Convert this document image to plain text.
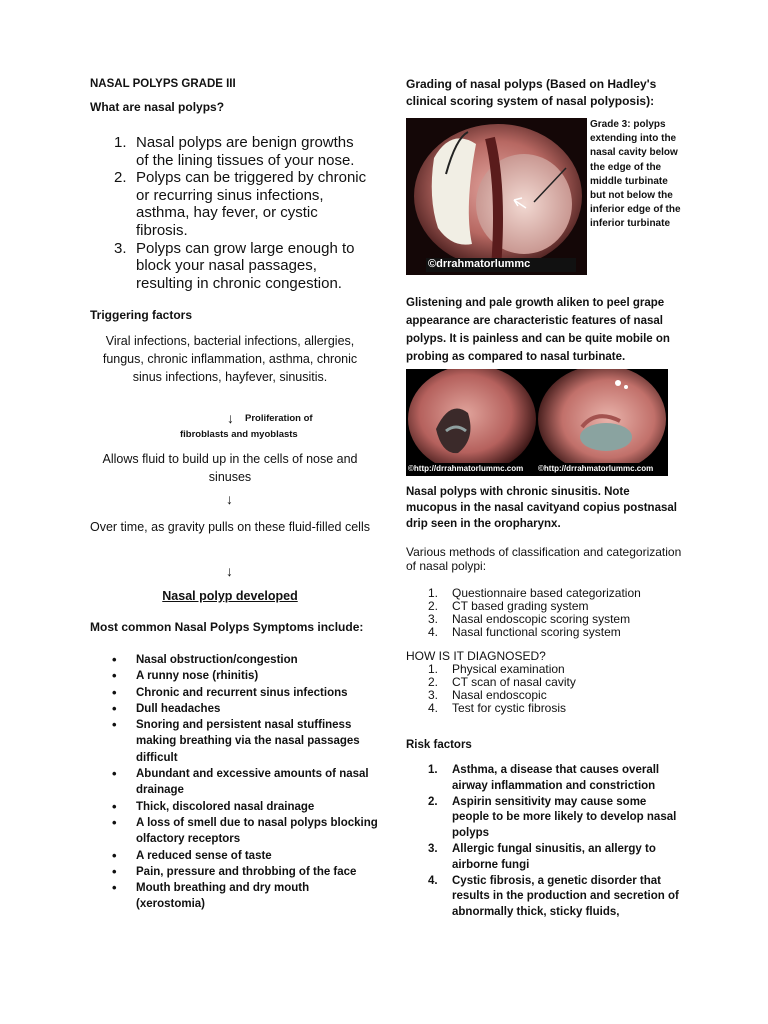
NASAL POLYPS GRADE III
What are nasal polyps?
1. Nasal polyps are benign growths of the lining tissues of your nose.
2. Polyps can be triggered by chronic or recurring sinus infections, asthma, hay fever, or cystic fibrosis.
3. Polyps can grow large enough to block your nasal passages, resulting in chronic congestion.
Triggering factors
Viral infections, bacterial infections, allergies, fungus, chronic inflammation, asthma, chronic sinus infections, hayfever, sinusitis.
↓ Proliferation of
fibroblasts and myoblasts
Allows fluid to build up in the cells of nose and sinuses
↓
Over time, as gravity pulls on these fluid-filled cells
↓
Nasal polyp developed
Most common Nasal Polyps Symptoms include:
• Nasal obstruction/congestion
• A runny nose (rhinitis)
• Chronic and recurrent sinus infections
• Dull headaches
• Snoring and persistent nasal stuffiness making breathing via the nasal passages difficult
• Abundant and excessive amounts of nasal drainage
• Thick, discolored nasal drainage
• A loss of smell due to nasal polyps blocking olfactory receptors
• A reduced sense of taste
• Pain, pressure and throbbing of the face
• Mouth breathing and dry mouth (xerostomia)
Grading of nasal polyps (Based on Hadley's clinical scoring system of nasal polyposis):
©drrahmatorlummc
Grade 3: polyps extending into the nasal cavity below the edge of the middle turbinate but not below the inferior edge of the inferior turbinate
Glistening and pale growth aliken to peel grape appearance are characteristic features of nasal polyps. It is painless and can be quite mobile on probing as compared to nasal turbinate.
©http://drrahmatorlummc.com ©http://drrahmatorlummc.com
Nasal polyps with chronic sinusitis. Note mucopus in the nasal cavityand copius postnasal drip seen in the oropharynx.
Various methods of classification and categorization of nasal polypi:
1. Questionnaire based categorization
2. CT based grading system
3. Nasal endoscopic scoring system
4. Nasal functional scoring system
HOW IS IT DIAGNOSED?
1. Physical examination
2. CT scan of nasal cavity
3. Nasal endoscopic
4. Test for cystic fibrosis
Risk factors
1. Asthma, a disease that causes overall airway inflammation and constriction
2. Aspirin sensitivity may cause some people to be more likely to develop nasal polyps
3. Allergic fungal sinusitis, an allergy to airborne fungi
4. Cystic fibrosis, a genetic disorder that results in the production and secretion of abnormally thick, sticky fluids,
